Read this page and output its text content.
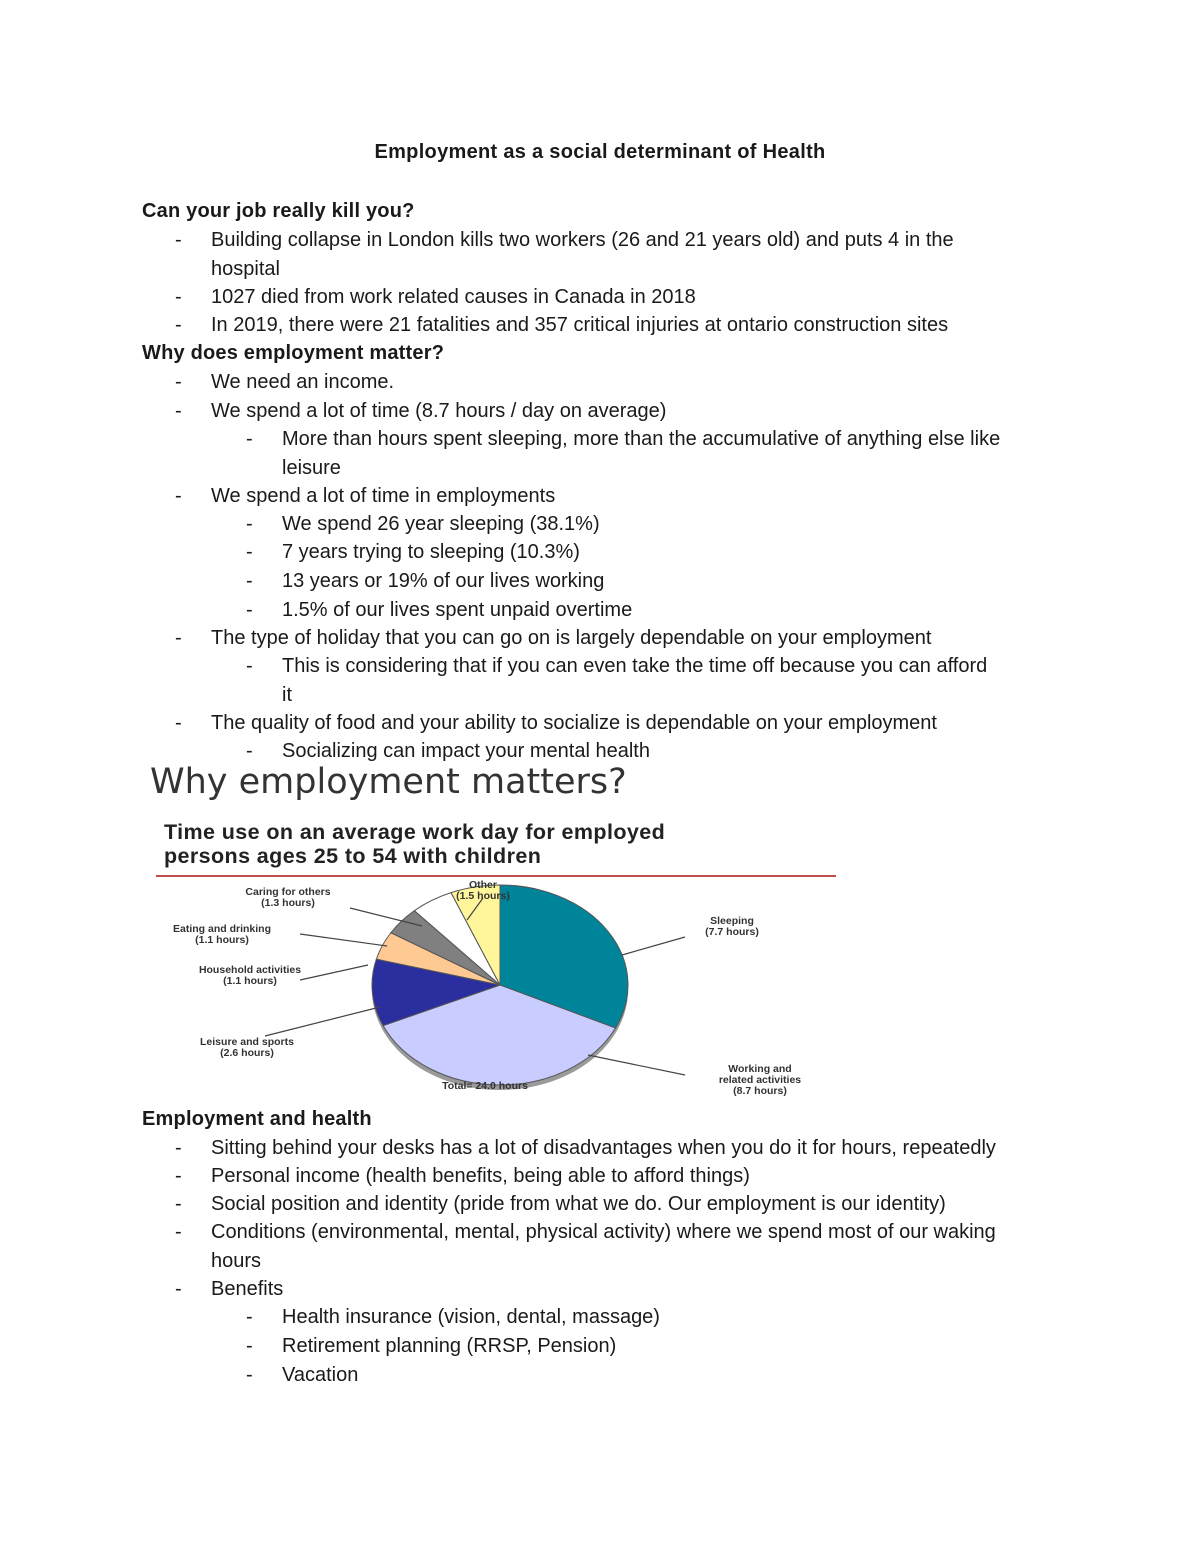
Employment as a social determinant of Health
Can your job really kill you?
- Building collapse in London kills two workers (26 and 21 years old) and puts 4 in the
hospital
- 1027 died from work related causes in Canada in 2018
- In 2019, there were 21 fatalities and 357 critical injuries at ontario construction sites
Why does employment matter?
- We need an income.
- We spend a lot of time (8.7 hours / day on average)
- More than hours spent sleeping, more than the accumulative of anything else like
leisure
- We spend a lot of time in employments
- We spend 26 year sleeping (38.1%)
- 7 years trying to sleeping (10.3%)
- 13 years or 19% of our lives working
- 1.5% of our lives spent unpaid overtime
- The type of holiday that you can go on is largely dependable on your employment
- This is considering that if you can even take the time off because you can afford
it
- The quality of food and your ability to socialize is dependable on your employment
- Socializing can impact your mental health
Why employment matters?
Time use on an average work day for employed
persons ages 25 to 54 with children
Sleeping
(7.7 hours)
Working and
related activities
(8.7 hours)
Leisure and sports
(2.6 hours)
Household activities
(1.1 hours)
Eating and drinking
(1.1 hours)
Caring for others
(1.3 hours)
Other
(1.5 hours)
Total= 24.0 hours
Employment and health
- Sitting behind your desks has a lot of disadvantages when you do it for hours, repeatedly
- Personal income (health benefits, being able to afford things)
- Social position and identity (pride from what we do. Our employment is our identity)
- Conditions (environmental, mental, physical activity) where we spend most of our waking
hours
- Benefits
- Health insurance (vision, dental, massage)
- Retirement planning (RRSP, Pension)
- Vacation
